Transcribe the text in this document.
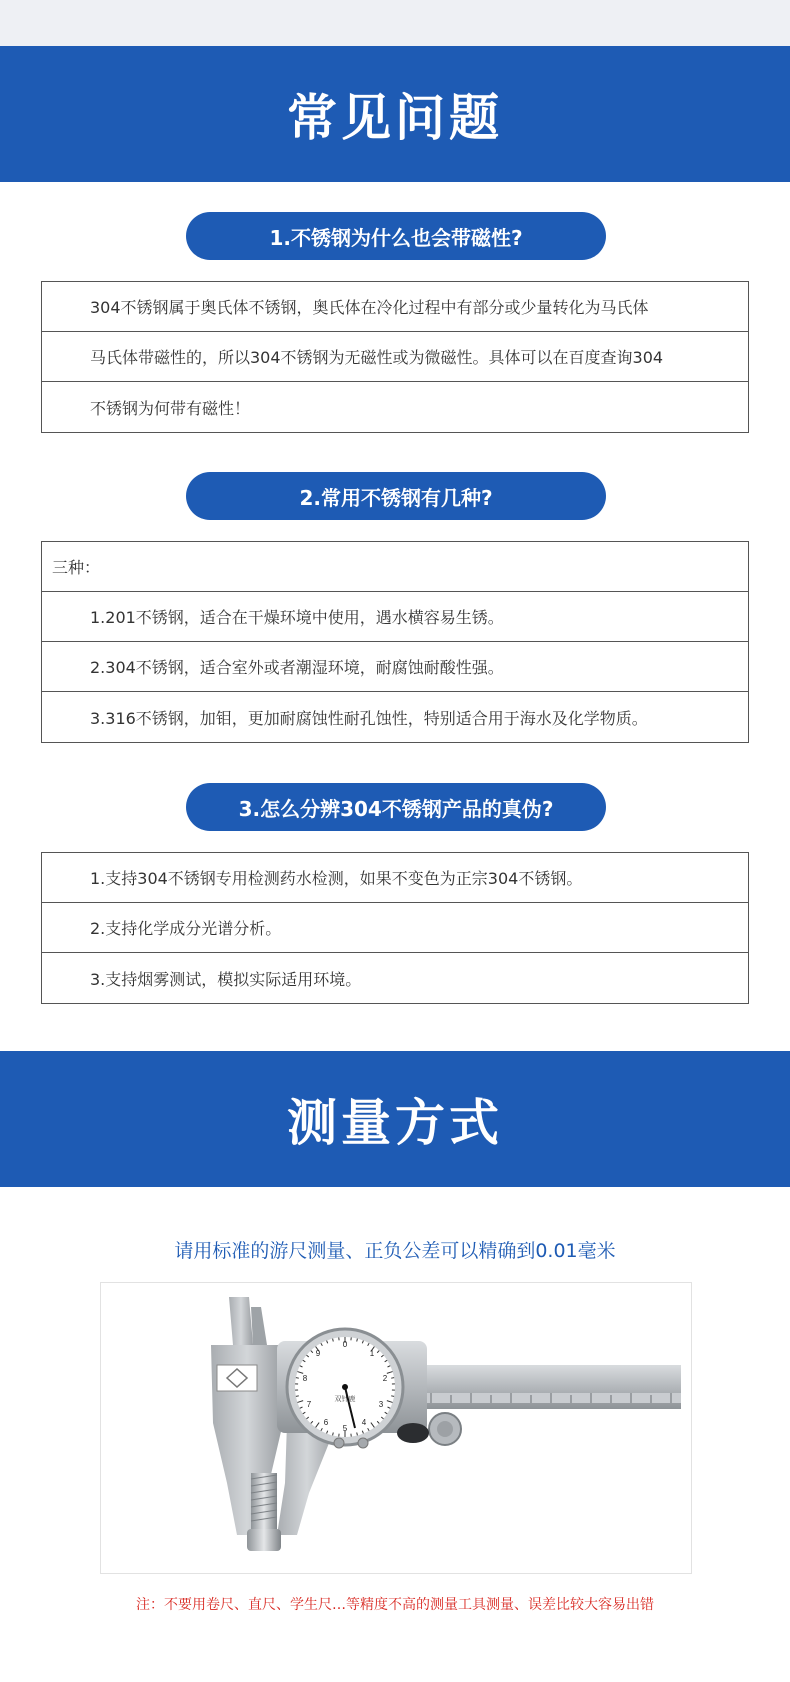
常见问题
1.不锈钢为什么也会带磁性?
304不锈钢属于奥氏体不锈钢，奥氏体在冷化过程中有部分或少量转化为马氏体
马氏体带磁性的，所以304不锈钢为无磁性或为微磁性。具体可以在百度查询304
不锈钢为何带有磁性！
2.常用不锈钢有几种?
三种：
1.201不锈钢，适合在干燥环境中使用，遇水横容易生锈。
2.304不锈钢，适合室外或者潮湿环境，耐腐蚀耐酸性强。
3.316不锈钢，加钼，更加耐腐蚀性耐孔蚀性，特别适合用于海水及化学物质。
3.怎么分辨304不锈钢产品的真伪?
1.支持304不锈钢专用检测药水检测，如果不变色为正宗304不锈钢。
2.支持化学成分光谱分析。
3.支持烟雾测试，模拟实际适用环境。
测量方式
请用标准的游尺测量、正负公差可以精确到0.01毫米
0
1
2
3
4
5
6
7
8
9
双针鹿
注：不要用卷尺、直尺、学生尺…等精度不高的测量工具测量、误差比较大容易出错
